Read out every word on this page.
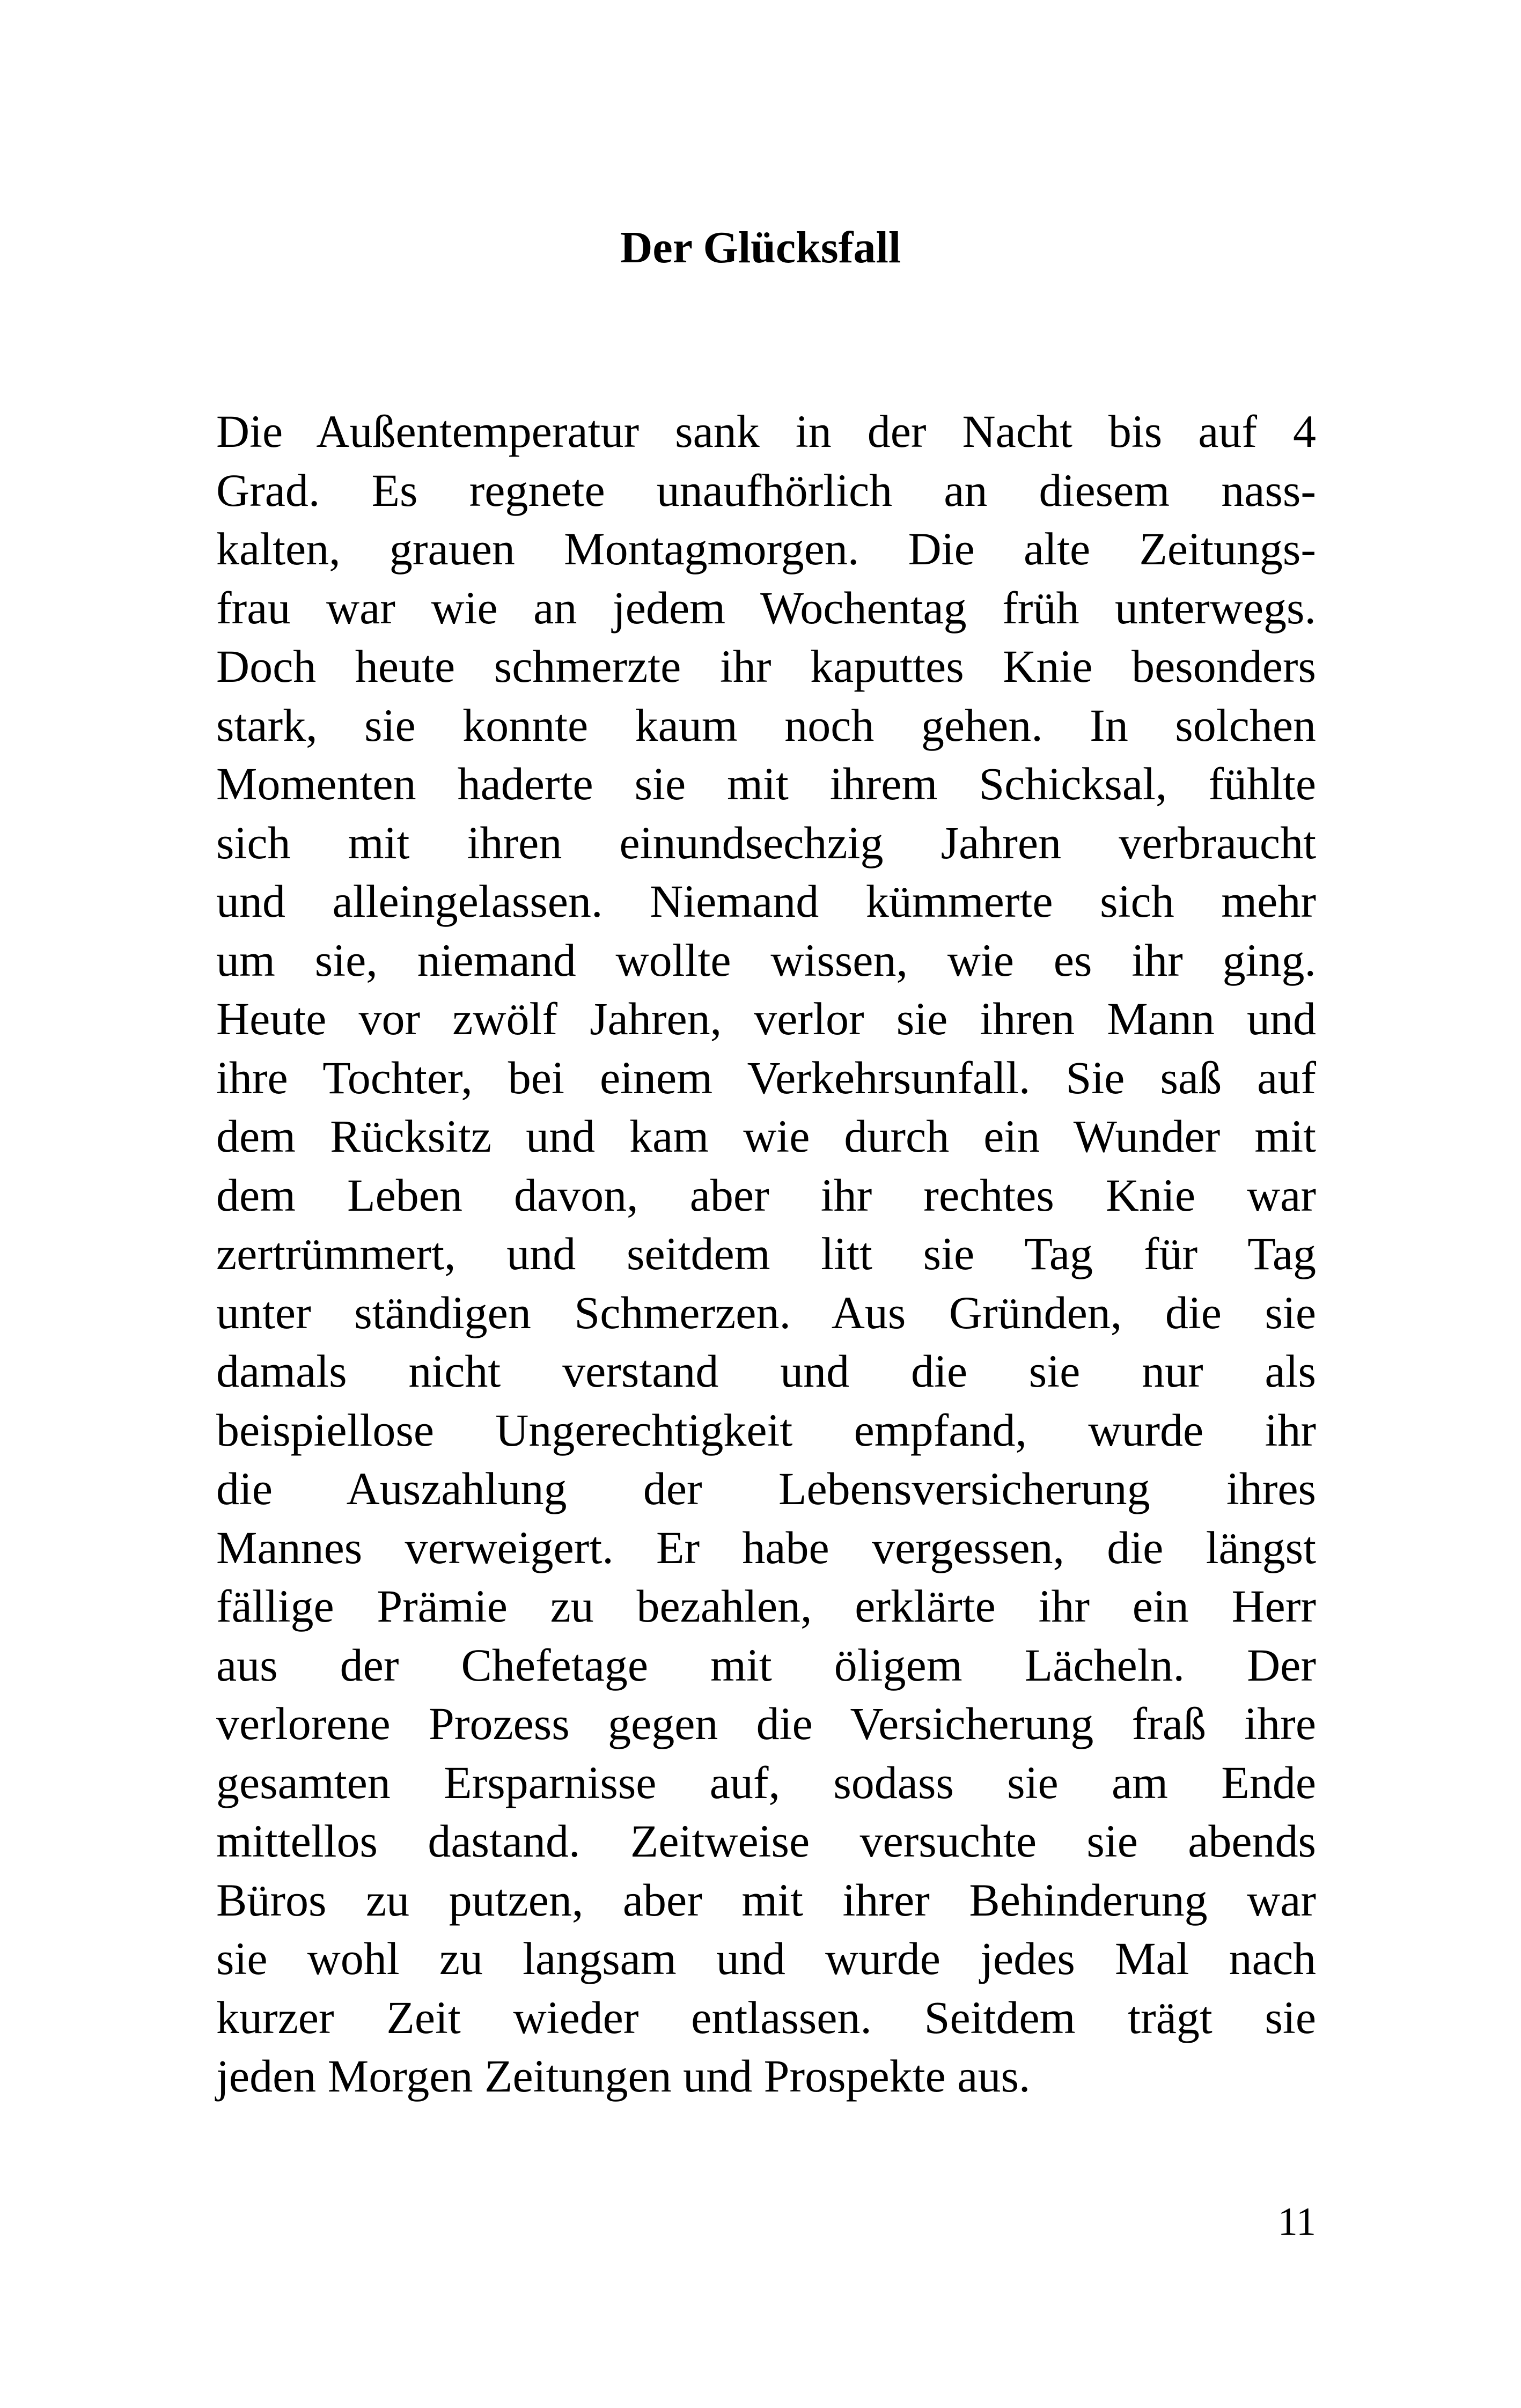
Der Glücksfall
Die Außentemperatur sank in der Nacht bis auf 4
Grad. Es regnete unaufhörlich an diesem nass-
kalten, grauen Montagmorgen. Die alte Zeitungs-
frau war wie an jedem Wochentag früh unterwegs.
Doch heute schmerzte ihr kaputtes Knie besonders
stark, sie konnte kaum noch gehen. In solchen
Momenten haderte sie mit ihrem Schicksal, fühlte
sich mit ihren einundsechzig Jahren verbraucht
und alleingelassen. Niemand kümmerte sich mehr
um sie, niemand wollte wissen, wie es ihr ging.
Heute vor zwölf Jahren, verlor sie ihren Mann und
ihre Tochter, bei einem Verkehrsunfall. Sie saß auf
dem Rücksitz und kam wie durch ein Wunder mit
dem Leben davon, aber ihr rechtes Knie war
zertrümmert, und seitdem litt sie Tag für Tag
unter ständigen Schmerzen. Aus Gründen, die sie
damals nicht verstand und die sie nur als
beispiellose Ungerechtigkeit empfand, wurde ihr
die Auszahlung der Lebensversicherung ihres
Mannes verweigert. Er habe vergessen, die längst
fällige Prämie zu bezahlen, erklärte ihr ein Herr
aus der Chefetage mit öligem Lächeln. Der
verlorene Prozess gegen die Versicherung fraß ihre
gesamten Ersparnisse auf, sodass sie am Ende
mittellos dastand. Zeitweise versuchte sie abends
Büros zu putzen, aber mit ihrer Behinderung war
sie wohl zu langsam und wurde jedes Mal nach
kurzer Zeit wieder entlassen. Seitdem trägt sie
jeden Morgen Zeitungen und Prospekte aus.
11
